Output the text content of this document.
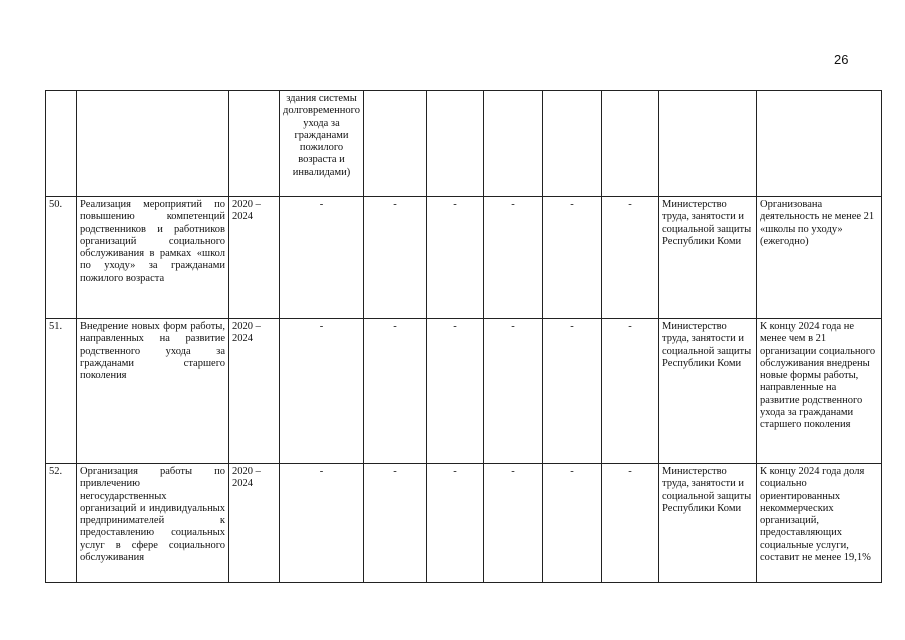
26
			здания системы долговременного ухода за гражданами пожилого возраста и инвалидами)							
50.	Реализация мероприятий по повышению компетенций родственников и работников организаций социального обслуживания в рамках «школ по уходу» за гражданами пожилого возраста	2020 – 2024	-	-	-	-	-	-	Министерство труда, занятости и социальной защиты Республики Коми	Организована деятельность не менее 21 «школы по уходу» (ежегодно)
51.	Внедрение новых форм работы, направленных на развитие родственного ухода за гражданами старшего поколения	2020 – 2024	-	-	-	-	-	-	Министерство труда, занятости и социальной защиты Республики Коми	К концу 2024 года не менее чем в 21 организации социального обслуживания внедрены новые формы работы, направленные на развитие родственного ухода за гражданами старшего поколения
52.	Организация работы по привлечению негосударственных организаций и индивидуальных предпринимателей к предоставлению социальных услуг в сфере социального обслуживания	2020 – 2024	-	-	-	-	-	-	Министерство труда, занятости и социальной защиты Республики Коми	К концу 2024 года доля социально ориентированных некоммерческих организаций, предоставляющих социальные услуги, составит не менее 19,1%
